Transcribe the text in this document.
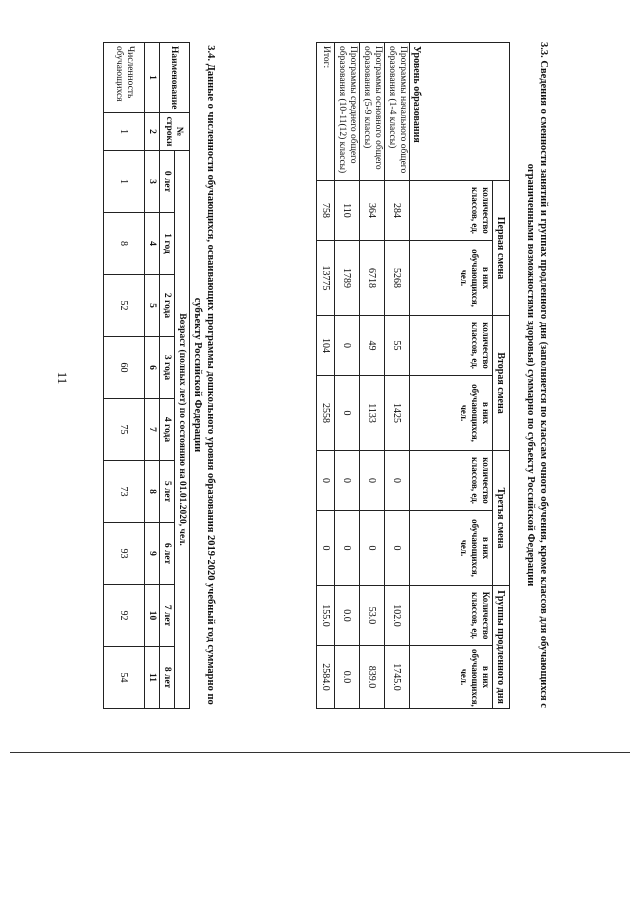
11	3.3. Сведения о сменности занятий и группах продленного дня (заполняется по классам очного обучения, кроме классов для обучающихся с ограниченными возможностями здоровья) суммарно по субъекту Российской Федерации

Уровень образования	Первая смена		Вторая смена		Третья смена		Группы продленного дня	
	количество классов, ед.	в них обучающихся, чел.	количество классов, ед.	в них обучающихся, чел.	количество классов, ед.	в них обучающихся, чел.	Количество классов, ед.	в них обучающихся, чел.
Программы начального общего образования (1-4 классы)	284	5268	55	1425	0	0	102.0	1745.0
Программы основного общего образования (5-9 классы)	364	6718	49	1133	0	0	53.0	839.0
Программы среднего общего образования (10-11(12) классы)	110	1789	0	0	0	0	0.0	0.0
Итог:	758	13775	104	2558	0	0	155.0	2584.0

3.4. Данные о численности обучающихся, осваивающих программы дошкольного уровня образования 2019-2020 учебный год суммарно по субъекту Российской Федерации

Наименование	№ строки	Возраст (полных лет) по состоянию на 01.01.2020, чел.								
		0 лет	1 год	2 года	3 года	4 года	5 лет	6 лет	7 лет	8 лет
1	2	3	4	5	6	7	8	9	10	11
Численность обучающихся	1	1	8	52	60	75	73	93	92	54
